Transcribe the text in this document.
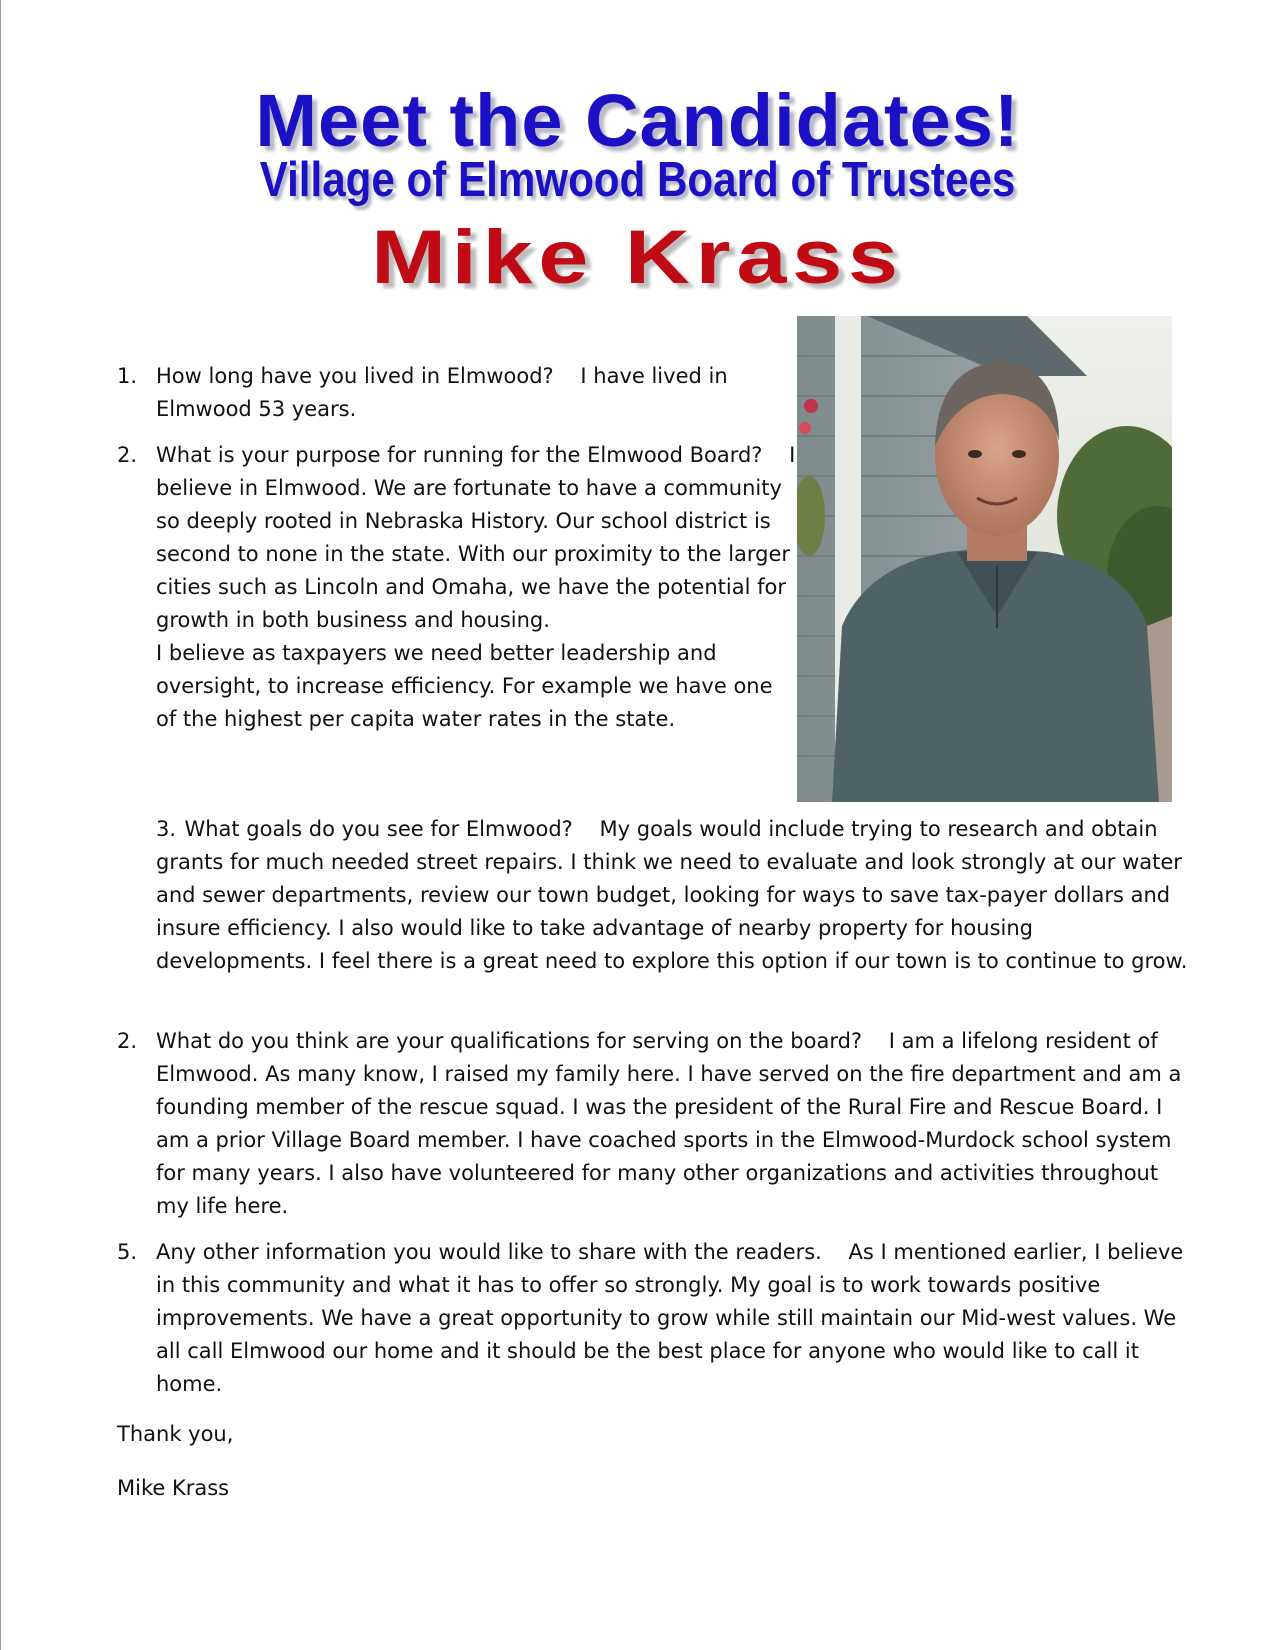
Meet the Candidates!
Village of Elmwood Board of Trustees
Mike Krass
1. How long have you lived in Elmwood?    I have lived in Elmwood 53 years.
2. What is your purpose for running for the Elmwood Board?    I believe in Elmwood. We are fortunate to have a community so deeply rooted in Nebraska History. Our school district is second to none in the state. With our proximity to the larger cities such as Lincoln and Omaha, we have the potential for growth in both business and housing.
I believe as taxpayers we need better leadership and oversight, to increase efficiency. For example we have one of the highest per capita water rates in the state.
3. What goals do you see for Elmwood?    My goals would include trying to research and obtain grants for much needed street repairs. I think we need to evaluate and look strongly at our water and sewer departments, review our town budget, looking for ways to save tax-payer dollars and insure efficiency. I also would like to take advantage of nearby property for housing developments. I feel there is a great need to explore this option if our town is to continue to grow.
2. What do you think are your qualifications for serving on the board?    I am a lifelong resident of Elmwood. As many know, I raised my family here. I have served on the fire department and am a founding member of the rescue squad. I was the president of the Rural Fire and Rescue Board. I am a prior Village Board member. I have coached sports in the Elmwood-Murdock school system for many years. I also have volunteered for many other organizations and activities throughout my life here.
5. Any other information you would like to share with the readers.    As I mentioned earlier, I believe in this community and what it has to offer so strongly. My goal is to work towards positive improvements. We have a great opportunity to grow while still maintain our Mid-west values. We all call Elmwood our home and it should be the best place for anyone who would like to call it home.

Thank you,

Mike Krass
